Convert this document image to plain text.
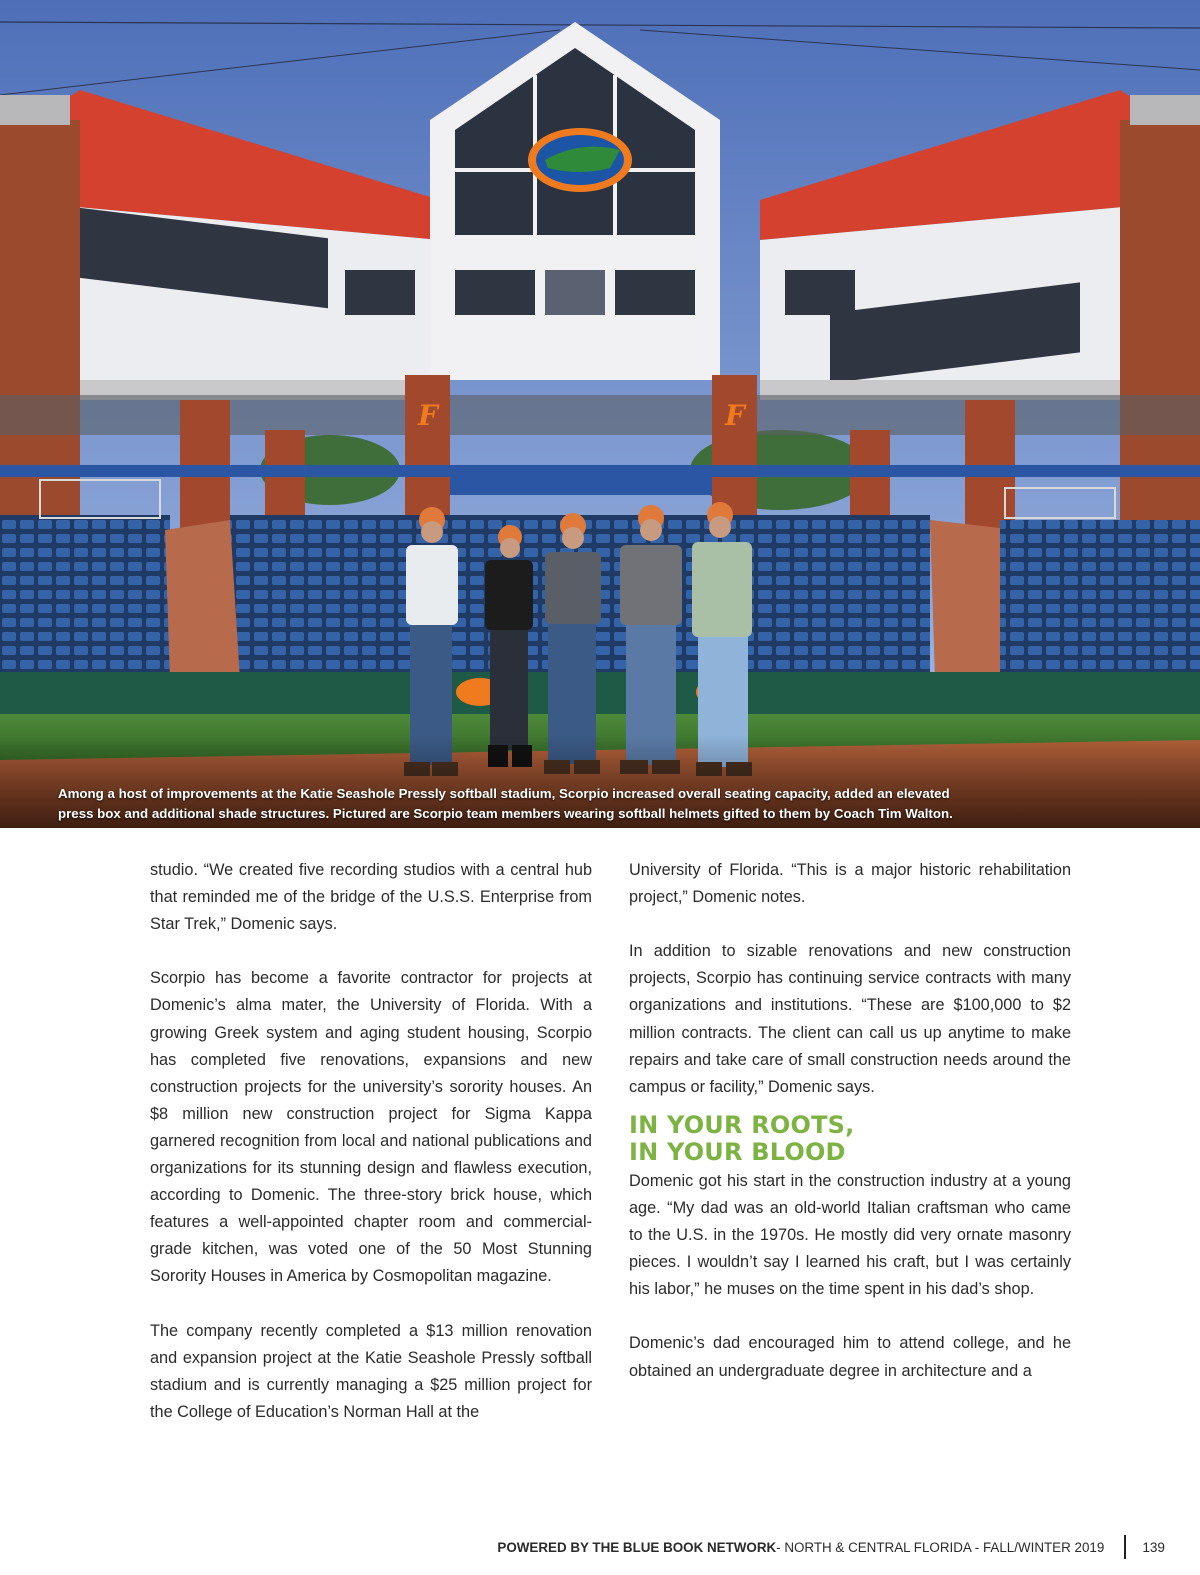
F	F

Among a host of improvements at the Katie Seashole Pressly softball stadium, Scorpio increased overall seating capacity, added an elevated

press box and additional shade structures. Pictured are Scorpio team members wearing softball helmets gifted to them by Coach Tim Walton.

studio. “We created five recording studios with a central hub that reminded me of the bridge of the U.S.S. Enterprise from Star Trek,” Domenic says.

Scorpio has become a favorite contractor for projects at Domenic’s alma mater, the University of Florida. With a growing Greek system and aging student housing, Scorpio has completed five renovations, expansions and new construction projects for the university’s sorority houses. An $8 million new construction project for Sigma Kappa garnered recognition from local and national publications and organizations for its stunning design and flawless execution, according to Domenic. The three-story brick house, which features a well-appointed chapter room and commercial-grade kitchen, was voted one of the 50 Most Stunning Sorority Houses in America by Cosmopolitan magazine.

The company recently completed a $13 million renovation and expansion project at the Katie Seashole Pressly softball stadium and is currently managing a $25 million project for the College of Education’s Norman Hall at the

University of Florida. “This is a major historic rehabilitation project,” Domenic notes.

In addition to sizable renovations and new construction projects, Scorpio has continuing service contracts with many organizations and institutions. “These are $100,000 to $2 million contracts. The client can call us up anytime to make repairs and take care of small construction needs around the campus or facility,” Domenic says.

IN YOUR ROOTS,
IN YOUR BLOOD

Domenic got his start in the construction industry at a young age. “My dad was an old-world Italian craftsman who came to the U.S. in the 1970s. He mostly did very ornate masonry pieces. I wouldn’t say I learned his craft, but I was certainly his labor,” he muses on the time spent in his dad’s shop.

Domenic’s dad encouraged him to attend college, and he obtained an undergraduate degree in architecture and a

POWERED BY THE BLUE BOOK NETWORK - NORTH & CENTRAL FLORIDA - FALL/WINTER 2019	139
